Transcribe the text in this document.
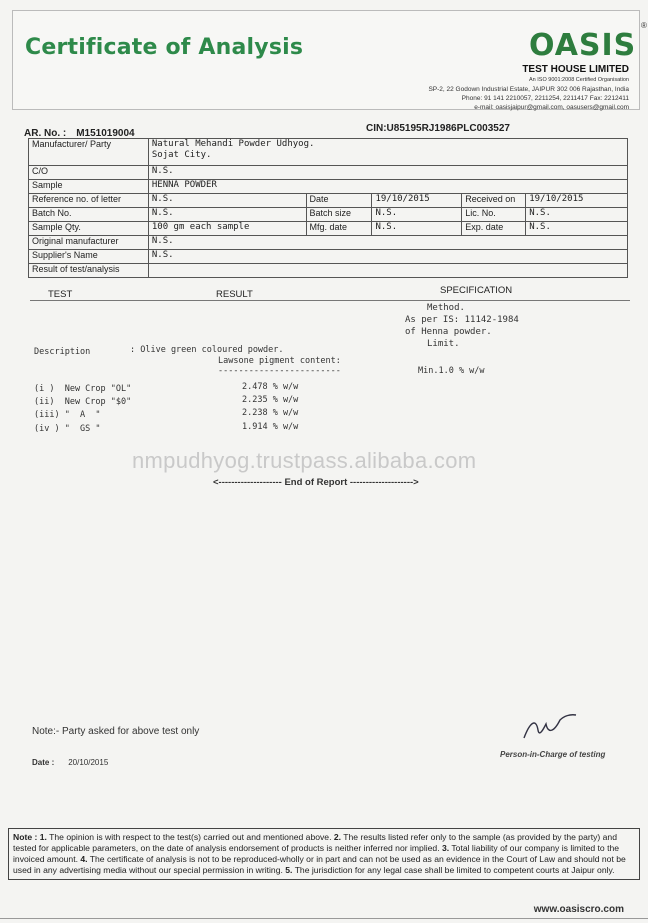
Certificate of Analysis	OASIS
®
TEST HOUSE LIMITED
An ISO 9001:2008 Certified Organisation
SP-2, 22 Godown Industrial Estate, JAIPUR 302 006 Rajasthan, India
Phone: 91 141 2210057, 2211254, 2211417 Fax: 2212411
e-mail: oasisjaipur@gmail.com, oasusers@gmail.com
AR. No. : M151019004	CIN:U85195RJ1986PLC003527
Manufacturer/ Party	Natural Mehandi Powder Udhyog.
Sojat City.				

C/O	N.S.				
Sample	HENNA POWDER				
Reference no. of letter	N.S.	Date	19/10/2015	Received on	19/10/2015
Batch No.	N.S.	Batch size	N.S.	Lic. No.	N.S.
Sample Qty.	100 gm each sample	Mfg. date	N.S.	Exp. date	N.S.
Original manufacturer	N.S.				
Supplier's Name	N.S.				
Result of test/analysis					
TEST	RESULT	SPECIFICATION
Method.
As per IS: 11142-1984
of Henna powder.
Limit.
Min.1.0 % w/w
Description	: Olive green coloured powder.
Lawsone pigment content:
------------------------
(i )  New Crop "OL"	2.478 % w/w
(ii)  New Crop "$0"	2.235 % w/w
(iii) "  A  "	2.238 % w/w
(iv ) "  GS "	1.914 % w/w
nmpudhyog.trustpass.alibaba.com
<-------------------- End of Report -------------------->
Note:- Party asked for above test only
Date : 20/10/2015
Person-in-Charge of testing
Note : 1. The opinion is with respect to the test(s) carried out and mentioned above. 2. The results listed refer only to the sample (as provided by the party) and tested for applicable parameters, on the date of analysis endorsement of products is neither inferred nor implied. 3. Total liability of our company is limited to the invoiced amount. 4. The certificate of analysis is not to be reproduced-wholly or in part and can not be used as an evidence in the Court of Law and should not be used in any advertising media without our special permission in writing. 5. The jurisdiction for any legal case shall be limited to competent courts at Jaipur only.
www.oasiscro.com
